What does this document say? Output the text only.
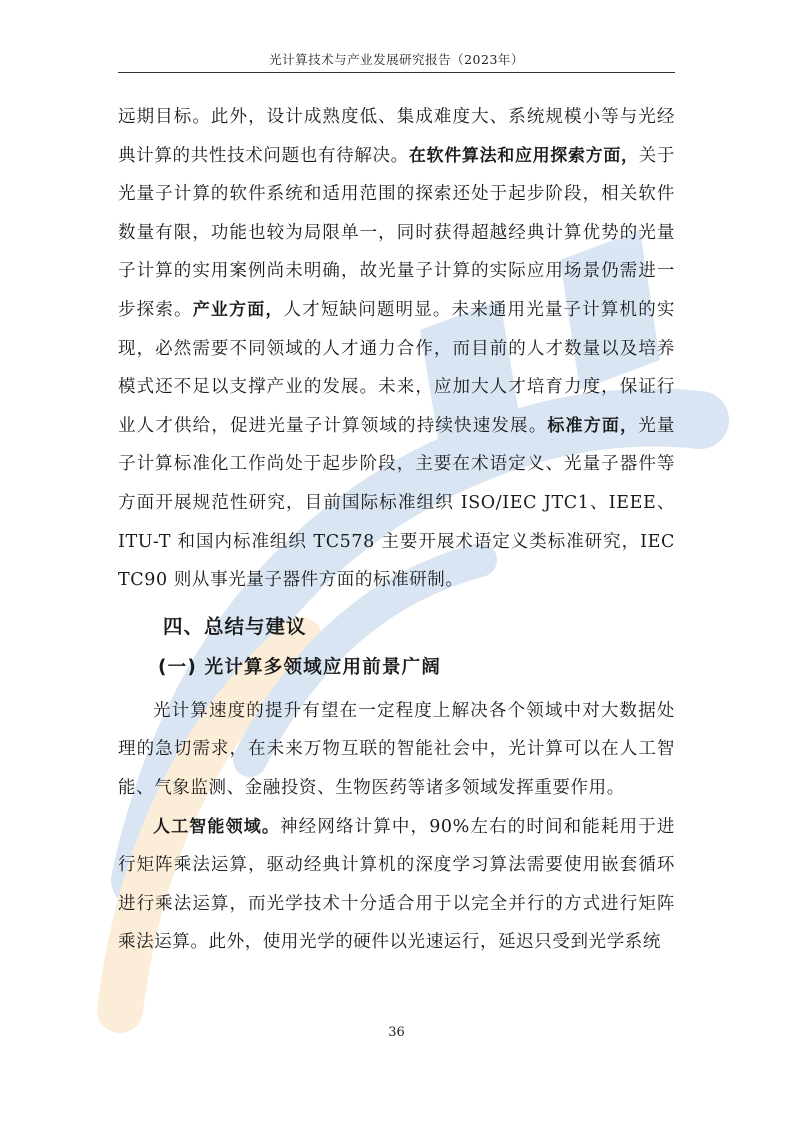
光计算技术与产业发展研究报告（2023年）

远期目标。此外，设计成熟度低、集成难度大、系统规模小等与光经典计算的共性技术问题也有待解决。在软件算法和应用探索方面，关于光量子计算的软件系统和适用范围的探索还处于起步阶段，相关软件数量有限，功能也较为局限单一，同时获得超越经典计算优势的光量子计算的实用案例尚未明确，故光量子计算的实际应用场景仍需进一步探索。产业方面，人才短缺问题明显。未来通用光量子计算机的实现，必然需要不同领域的人才通力合作，而目前的人才数量以及培养模式还不足以支撑产业的发展。未来，应加大人才培育力度，保证行业人才供给，促进光量子计算领域的持续快速发展。标准方面，光量子计算标准化工作尚处于起步阶段，主要在术语定义、光量子器件等方面开展规范性研究，目前国际标准组织 ISO/IEC JTC1、IEEE、ITU-T 和国内标准组织 TC578 主要开展术语定义类标准研究，IEC TC90 则从事光量子器件方面的标准研制。

四、总结与建议
(一) 光计算多领域应用前景广阔

光计算速度的提升有望在一定程度上解决各个领域中对大数据处理的急切需求，在未来万物互联的智能社会中，光计算可以在人工智能、气象监测、金融投资、生物医药等诸多领域发挥重要作用。

人工智能领域。神经网络计算中，90%左右的时间和能耗用于进行矩阵乘法运算，驱动经典计算机的深度学习算法需要使用嵌套循环进行乘法运算，而光学技术十分适合用于以完全并行的方式进行矩阵乘法运算。此外，使用光学的硬件以光速运行，延迟只受到光学系统

36
